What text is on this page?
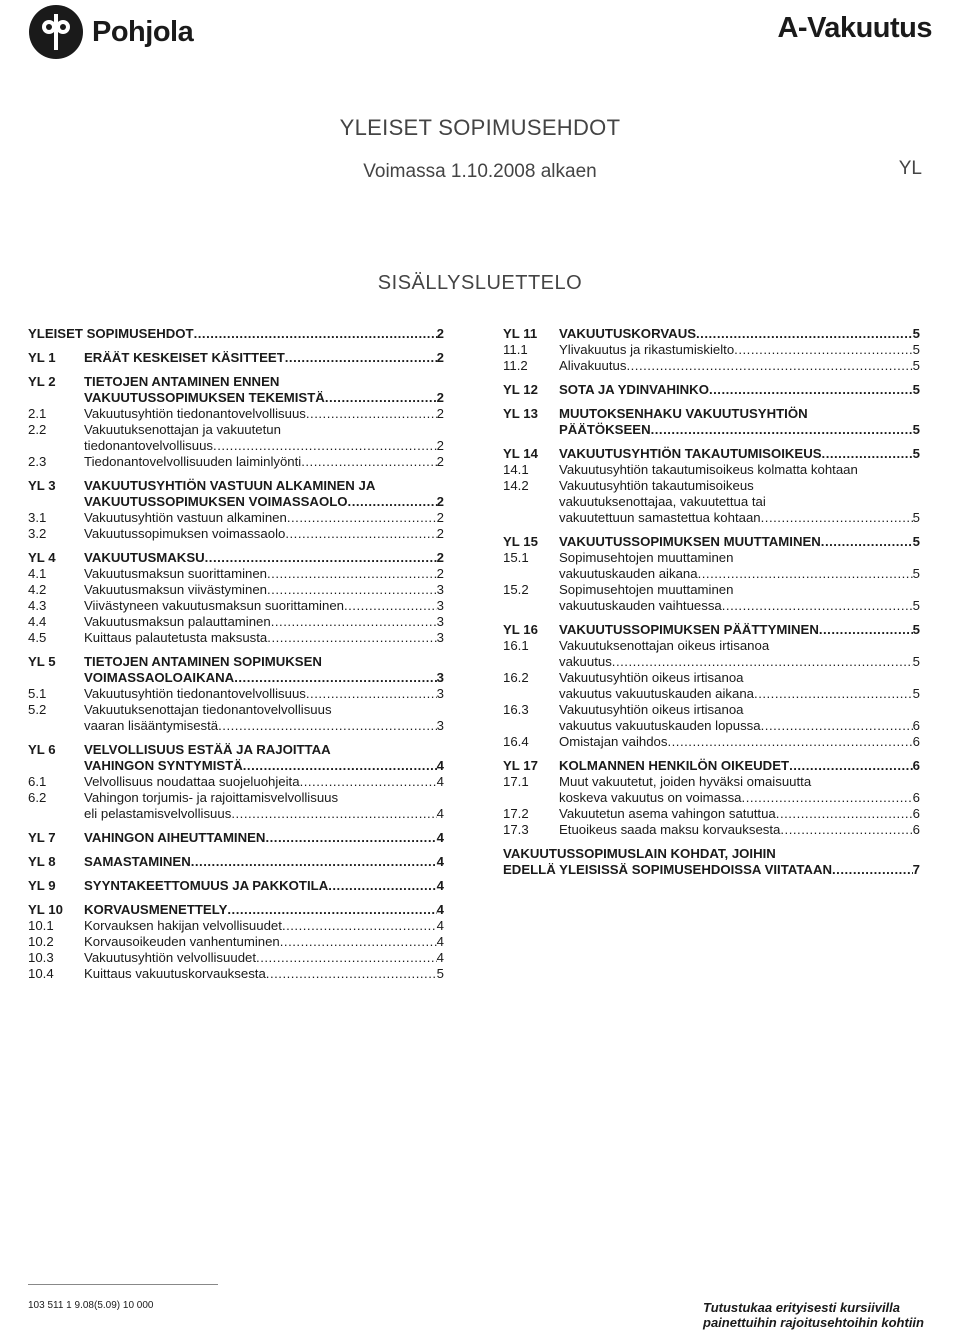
Pohjola	A-Vakuutus
YLEISET SOPIMUSEHDOT
Voimassa 1.10.2008 alkaen	YL
SISÄLLYSLUETTELO
YLEISET SOPIMUSEHDOT .....	2
YL 1	ERÄÄT KESKEISET KÄSITTEET .....	2
YL 2	TIETOJEN ANTAMINEN ENNEN
VAKUUTUSSOPIMUKSEN TEKEMISTÄ .....	2
2.1	Vakuutusyhtiön tiedonantovelvollisuus .....	2
2.2	Vakuutuksenottajan ja vakuutetun
tiedonantovelvollisuus .....	2
2.3	Tiedonantovelvollisuuden laiminlyönti .....	2
YL 3	VAKUUTUSYHTIÖN VASTUUN ALKAMINEN JA
VAKUUTUSSOPIMUKSEN VOIMASSAOLO .....	2
3.1	Vakuutusyhtiön vastuun alkaminen .....	2
3.2	Vakuutussopimuksen voimassaolo .....	2
YL 4	VAKUUTUSMAKSU .....	2
4.1	Vakuutusmaksun suorittaminen .....	2
4.2	Vakuutusmaksun viivästyminen .....	3
4.3	Viivästyneen vakuutusmaksun suorittaminen .....	3
4.4	Vakuutusmaksun palauttaminen .....	3
4.5	Kuittaus palautetusta maksusta .....	3
YL 5	TIETOJEN ANTAMINEN SOPIMUKSEN
VOIMASSAOLOAIKANA .....	3
5.1	Vakuutusyhtiön tiedonantovelvollisuus .....	3
5.2	Vakuutuksenottajan tiedonantovelvollisuus
vaaran lisääntymisestä .....	3
YL 6	VELVOLLISUUS ESTÄÄ JA RAJOITTAA
VAHINGON SYNTYMISTÄ .....	4
6.1	Velvollisuus noudattaa suojeluohjeita .....	4
6.2	Vahingon torjumis- ja rajoittamisvelvollisuus
eli pelastamisvelvollisuus .....	4
YL 7	VAHINGON AIHEUTTAMINEN .....	4
YL 8	SAMASTAMINEN .....	4
YL 9	SYYNTAKEETTOMUUS JA PAKKOTILA .....	4
YL 10	KORVAUSMENETTELY .....	4
10.1	Korvauksen hakijan velvollisuudet .....	4
10.2	Korvausoikeuden vanhentuminen .....	4
10.3	Vakuutusyhtiön velvollisuudet .....	4
10.4	Kuittaus vakuutuskorvauksesta .....	5
YL 11	VAKUUTUSKORVAUS .....	5
11.1	Ylivakuutus ja rikastumiskielto .....	5
11.2	Alivakuutus .....	5
YL 12	SOTA JA YDINVAHINKO .....	5
YL 13	MUUTOKSENHAKU VAKUUTUSYHTIÖN
PÄÄTÖKSEEN .....	5
YL 14	VAKUUTUSYHTIÖN TAKAUTUMISOIKEUS .....	5
14.1	Vakuutusyhtiön takautumisoikeus kolmatta kohtaan
14.2	Vakuutusyhtiön takautumisoikeus
vakuutuksenottajaa, vakuutettua tai
vakuutettuun samastettua kohtaan .....	5
YL 15	VAKUUTUSSOPIMUKSEN MUUTTAMINEN .....	5
15.1	Sopimusehtojen muuttaminen
vakuutuskauden aikana .....	5
15.2	Sopimusehtojen muuttaminen
vakuutuskauden vaihtuessa .....	5
YL 16	VAKUUTUSSOPIMUKSEN PÄÄTTYMINEN .....	5
16.1	Vakuutuksenottajan oikeus irtisanoa
vakuutus .....	5
16.2	Vakuutusyhtiön oikeus irtisanoa
vakuutus vakuutuskauden aikana .....	5
16.3	Vakuutusyhtiön oikeus irtisanoa
vakuutus vakuutuskauden lopussa .....	6
16.4	Omistajan vaihdos .....	6
YL 17	KOLMANNEN HENKILÖN OIKEUDET .....	6
17.1	Muut vakuutetut, joiden hyväksi omaisuutta
koskeva vakuutus on voimassa .....	6
17.2	Vakuutetun asema vahingon satuttua .....	6
17.3	Etuoikeus saada maksu korvauksesta .....	6
VAKUUTUSSOPIMUSLAIN KOHDAT, JOIHIN
EDELLÄ YLEISISSÄ SOPIMUSEHDOISSA VIITATAAN .....	7
103 511 1 9.08(5.09) 10 000	Tutustukaa erityisesti kursiivilla
painettuihin rajoitusehtoihin kohtiin
